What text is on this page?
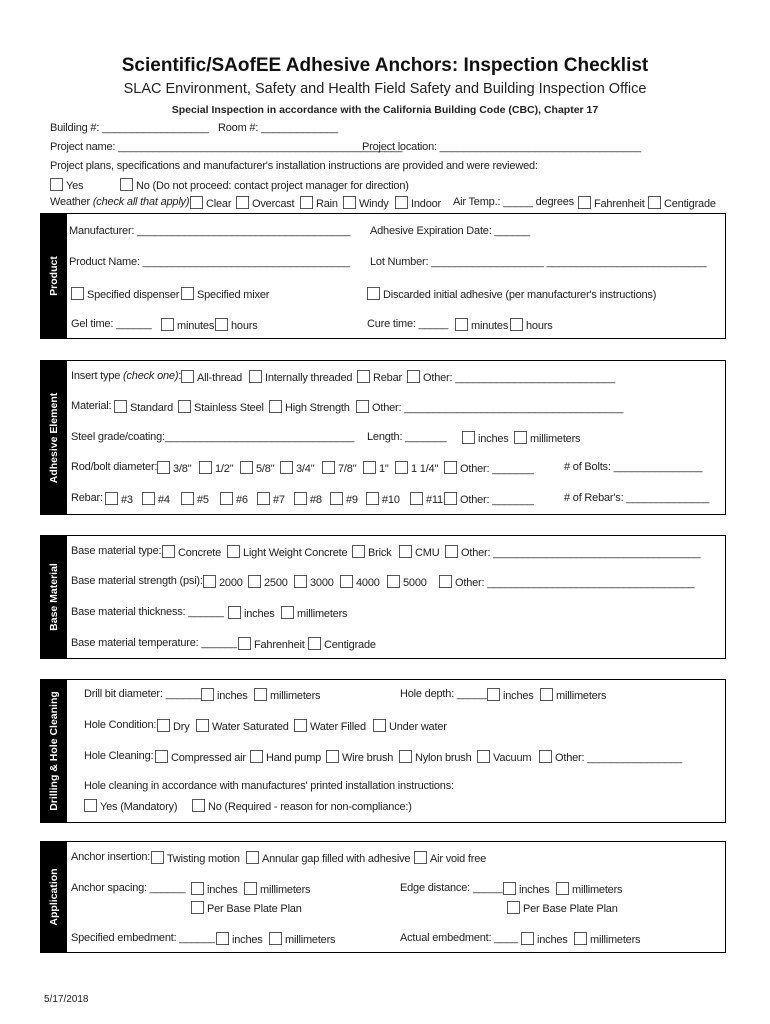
Scientific/SAofEE Adhesive Anchors: Inspection Checklist
SLAC Environment, Safety and Health Field Safety and Building Inspection Office
Special Inspection in accordance with the California Building Code (CBC), Chapter 17
Building #: __________________ Room #: _____________
Project name: ________________________________________________
Project location: __________________________________
Project plans, specifications and manufacturer's installation instructions are provided and were reviewed:
Yes	No (Do not proceed: contact project manager for direction)
Weather (check all that apply)	Clear	Overcast	Rain	Windy	Indoor Air Temp.: _____ degrees	Fahrenheit	Centigrade
Product
Manufacturer: ____________________________________ Adhesive Expiration Date: ______
Product Name: ___________________________________ Lot Number: ___________________ ___________________________
Specified dispenser	Specified mixer	Discarded initial adhesive (per manufacturer's instructions)
Gel time: ______	minutes	hours	Cure time: _____	minutes	hours
Adhesive Element
Insert type (check one):	All-thread	Internally threaded	Rebar	Other: ___________________________
Material:	Standard	Stainless Steel	High Strength	Other: _____________________________________
Steel grade/coating:________________________________ Length: _______	inches	millimeters
Rod/bolt diameter:	3/8"	1/2"	5/8"	3/4"	7/8"	1"	1 1/4"	Other: _______	# of Bolts: _______________
Rebar:	#3	#4	#5	#6	#7	#8	#9	#10	#11	Other: _______	# of Rebar's: ______________
Base Material
Base material type:	Concrete	Light Weight Concrete	Brick	CMU	Other: ___________________________________
Base material strength (psi):	2000	2500	3000	4000	5000	Other: ___________________________________
Base material thickness: ______	inches	millimeters
Base material temperature: ______	Fahrenheit	Centigrade
Drilling & Hole Cleaning Drill bit diameter: ______	inches	millimeters	Hole depth: _____	inches	millimeters
Hole Condition:	Dry	Water Saturated	Water Filled	Under water
Hole Cleaning:	Compressed air	Hand pump	Wire brush	Nylon brush	Vacuum	Other: ________________
Hole cleaning in accordance with manufactures' printed installation instructions:
Yes (Mandatory)	No (Required - reason for non-compliance:)
Application
Anchor insertion:	Twisting motion	Annular gap filled with adhesive	Air void free
Anchor spacing: ______	inches	millimeters
Per Base Plate Plan
Edge distance: _____	inches	millimeters
Per Base Plate Plan
Specified embedment: ______	inches	millimeters	Actual embedment: ____	inches	millimeters
5/17/2018
